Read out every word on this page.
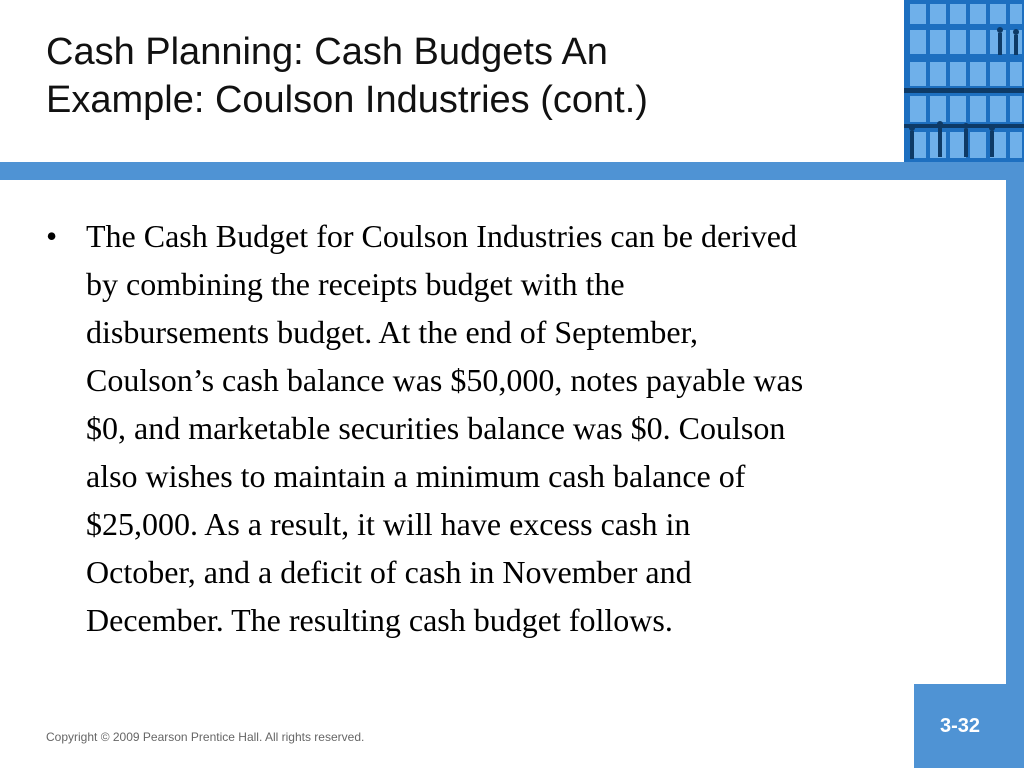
Cash Planning: Cash Budgets An
Example: Coulson Industries (cont.)
• The Cash Budget for Coulson Industries can be derived
by combining the receipts budget with the
disbursements budget. At the end of September,
Coulson’s cash balance was $50,000, notes payable was
$0, and marketable securities balance was $0. Coulson
also wishes to maintain a minimum cash balance of
$25,000. As a result, it will have excess cash in
October, and a deficit of cash in November and
December. The resulting cash budget follows.
Copyright © 2009 Pearson Prentice Hall. All rights reserved.
3-32
